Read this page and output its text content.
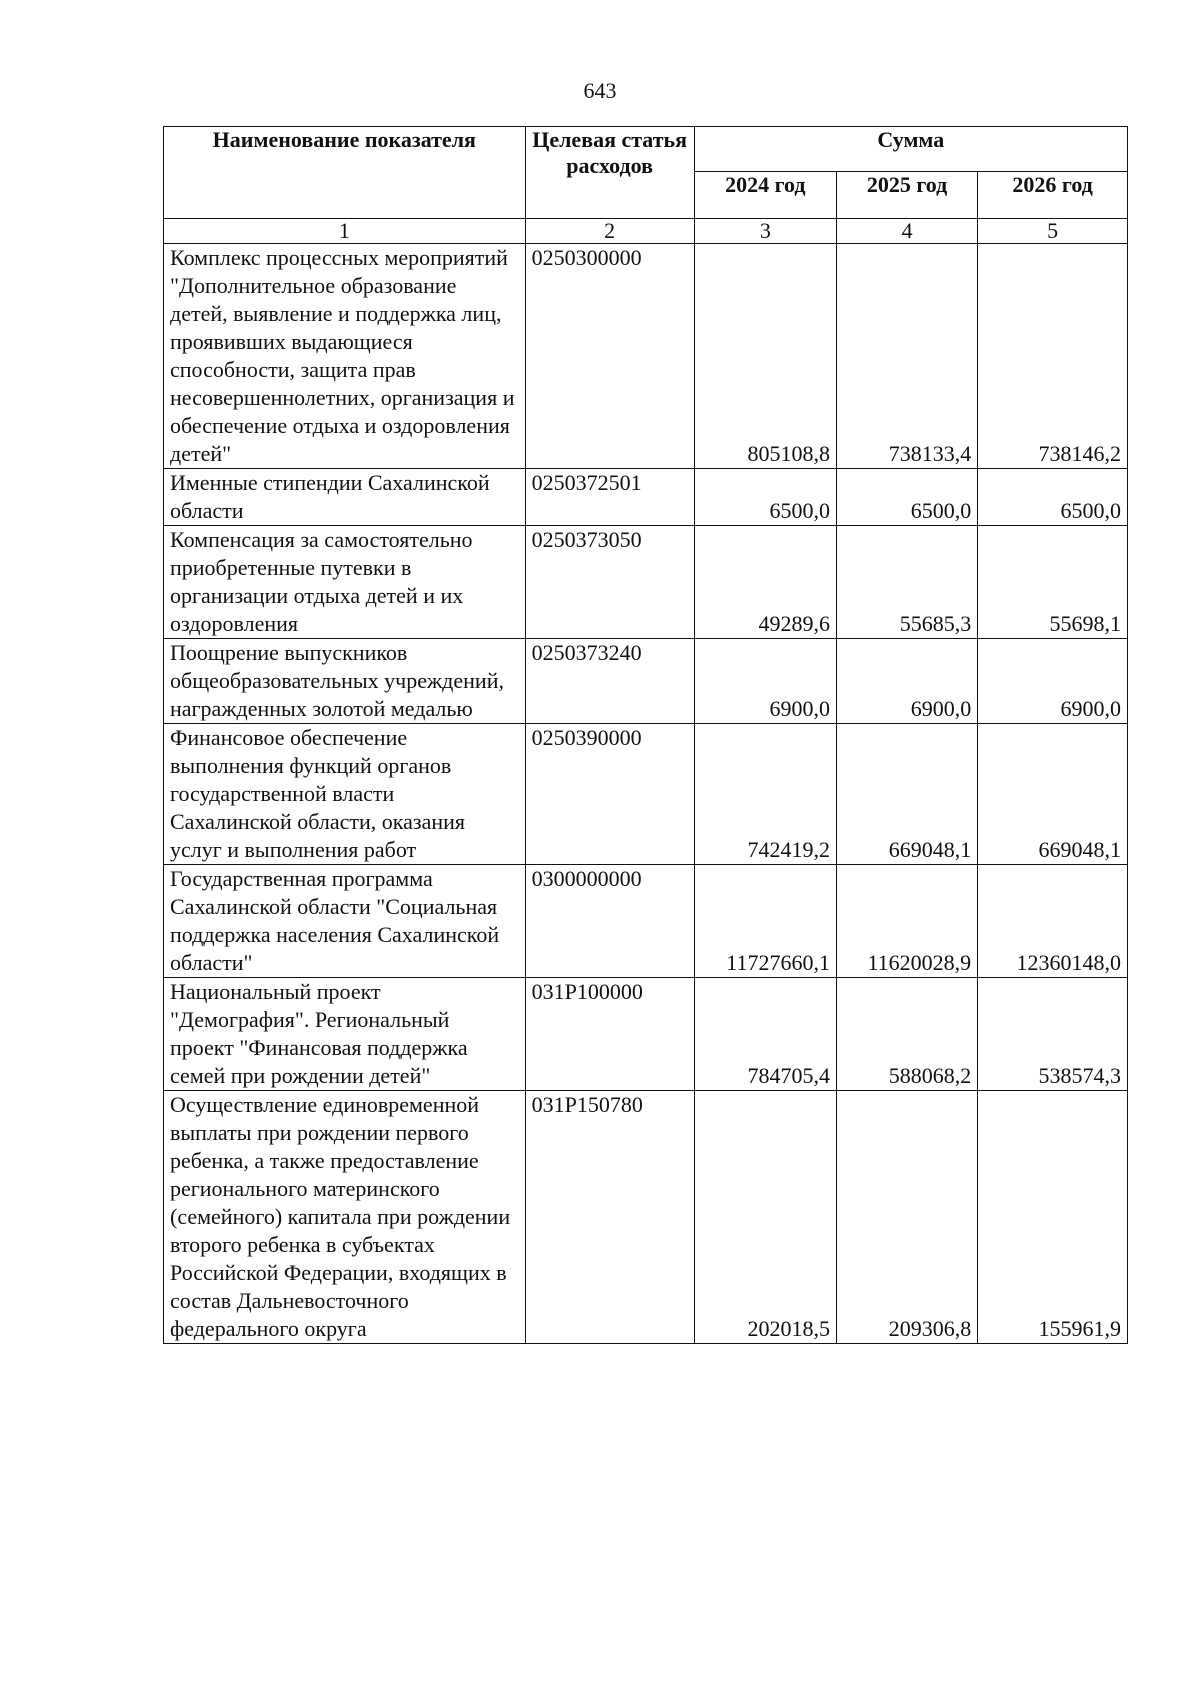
643
Наименование показателя	Целевая статья расходов	Сумма		
		2024 год	2025 год	2026 год
1	2	3	4	5
Комплекс процессных мероприятий "Дополнительное образование детей, выявление и поддержка лиц, проявивших выдающиеся способности, защита прав несовершеннолетних, организация и обеспечение отдыха и оздоровления детей"	0250300000	805108,8	738133,4	738146,2
Именные стипендии Сахалинской области	0250372501	6500,0	6500,0	6500,0
Компенсация за самостоятельно приобретенные путевки в организации отдыха детей и их оздоровления	0250373050	49289,6	55685,3	55698,1
Поощрение выпускников общеобразовательных учреждений, награжденных золотой медалью	0250373240	6900,0	6900,0	6900,0
Финансовое обеспечение выполнения функций органов государственной власти Сахалинской области, оказания услуг и выполнения работ	0250390000	742419,2	669048,1	669048,1
Государственная программа Сахалинской области "Социальная поддержка населения Сахалинской области"	0300000000	11727660,1	11620028,9	12360148,0
Национальный проект "Демография". Региональный проект "Финансовая поддержка семей при рождении детей"	031P100000	784705,4	588068,2	538574,3
Осуществление единовременной выплаты при рождении первого ребенка, а также предоставление регионального материнского (семейного) капитала при рождении второго ребенка в субъектах Российской Федерации, входящих в состав Дальневосточного федерального округа	031P150780	202018,5	209306,8	155961,9
